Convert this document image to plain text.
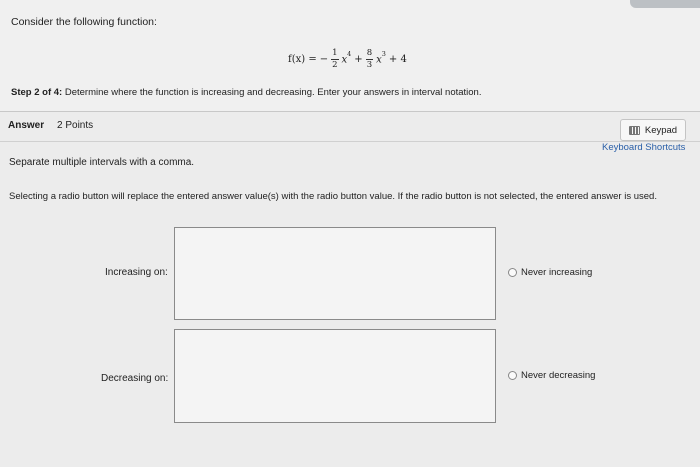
Consider the following function:
f(x) = − $\frac{1}{2} x^4 + \frac{8}{3} x^3 + 4$
Step 2 of 4: Determine where the function is increasing and decreasing. Enter your answers in interval notation.
Answer 2 Points	Keypad
Keyboard Shortcuts
Separate multiple intervals with a comma.
Selecting a radio button will replace the entered answer value(s) with the radio button value. If the radio button is not selected, the entered answer is used.
Increasing on:	Never increasing
Decreasing on:	Never decreasing
